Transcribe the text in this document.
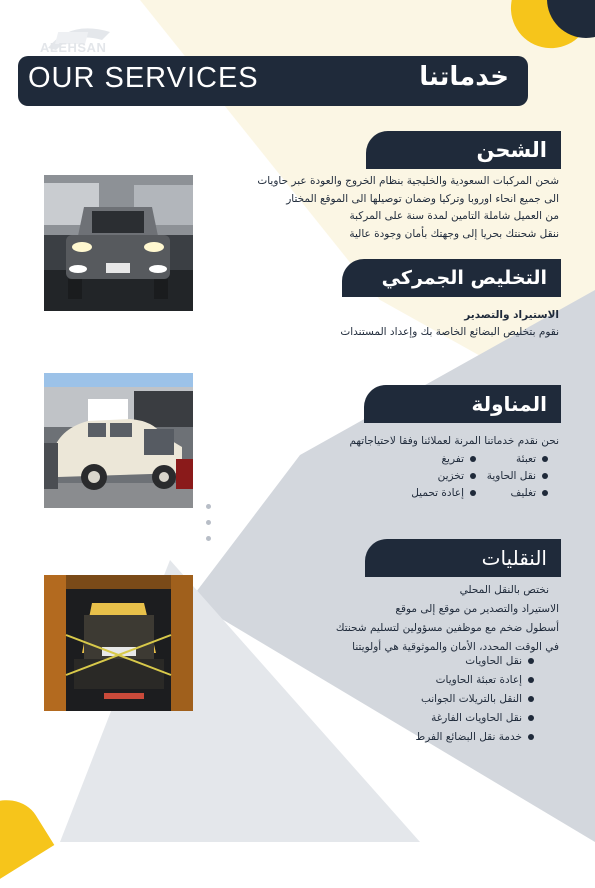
ALEHSAN
OUR SERVICES	خدماتنا
الشحن
شحن المركبات السعودية والخليجية بنظام الخروج والعودة عبر حاويات
الى جميع انحاء اوروبا وتركيا وضمان توصيلها الى الموقع المختار
من العميل شاملة التامين لمدة سنة على المركبة
ننقل شحنتك بحريا إلى وجهتك بأمان وجودة عالية
التخليص الجمركي
الاستيراد والتصدير
نقوم بتخليص البضائع الخاصة بك وإعداد المستندات
المناولة
نحن نقدم خدماتنا المرنة لعملائنا وفقا لاحتياجاتهم
تعبئة
تفريغ
نقل الحاوية
تخزين
تغليف
إعادة تحميل
النقليات
نختص بالنقل المحلي
الاستيراد والتصدير من موقع إلى موقع
أسطول ضخم مع موظفين مسؤولين لتسليم شحنتك
في الوقت المحدد، الأمان والموثوقية هي أولويتنا
نقل الحاويات
إعادة تعبئة الحاويات
النقل بالتريلات الجوانب
نقل الحاويات الفارغة
خدمة نقل البضائع الفرط
